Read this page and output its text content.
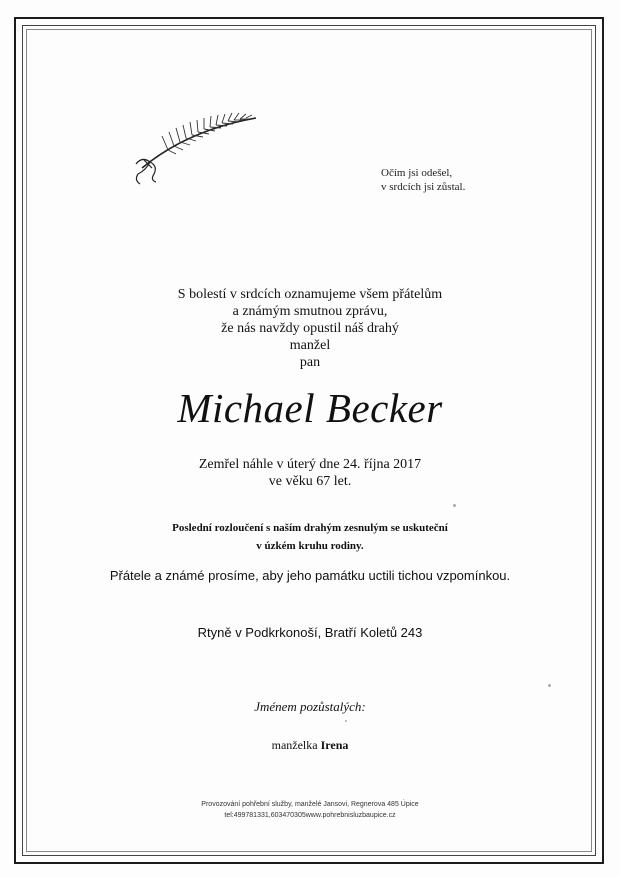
Očím jsi odešel,
v srdcích jsi zůstal.
S bolestí v srdcích oznamujeme všem přátelům
a známým smutnou zprávu,
že nás navždy opustil náš drahý
manžel
pan
Michael Becker
Zemřel náhle v úterý dne 24. října 2017
ve věku 67 let.
Poslední rozloučení s naším drahým zesnulým se uskuteční
v úzkém kruhu rodiny.
Přátele a známé prosíme, aby jeho památku uctili tichou vzpomínkou.
Rtyně v Podkrkonoší, Bratří Koletů 243
Jménem pozůstalých:
manželka Irena
Provozování pohřební služby, manželé Jansovi, Regnerova 485 Úpice
tel:499781331,603470305www.pohrebnisluzbaupice.cz
